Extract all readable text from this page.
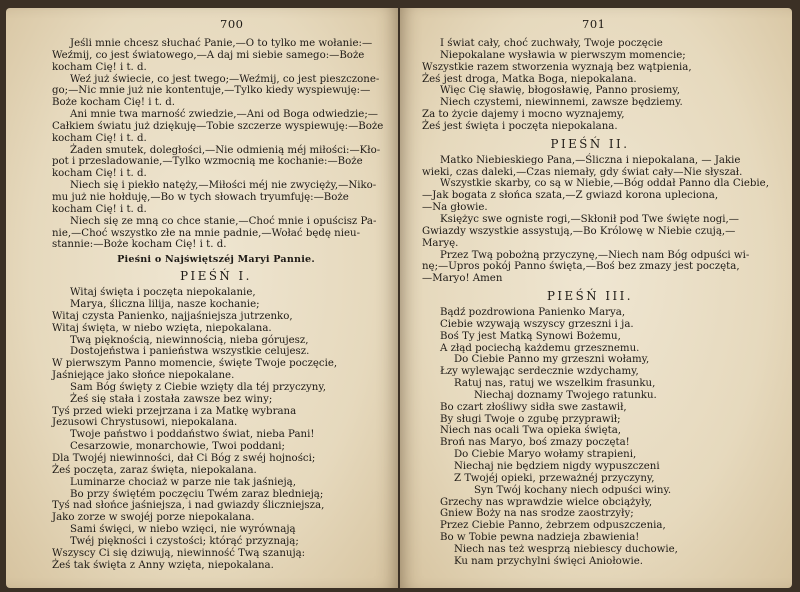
700
Jeśli mnie chcesz słuchać Panie,—O to tylko me wołanie:—
Weźmij, co jest światowego,—A daj mi siebie samego:—Boże
kocham Cię! i t. d.
Weź już świecie, co jest twego;—Weźmij, co jest pieszczone-
go;—Nic mnie już nie kontentuje,—Tylko kiedy wyspiewuję:—
Boże kocham Cię! i t. d.
Ani mnie twa marność zwiedzie,—Ani od Boga odwiedzie;—
Całkiem światu już dziękuję—Tobie szczerze wyspiewuję:—Boże
kocham Cię! i t. d.
Żaden smutek, doległości,—Nie odmienią méj miłości:—Kło-
pot i przesladowanie,—Tylko wzmocnią me kochanie:—Boże
kocham Cię! i t. d.
Niech się i piekło natęży,—Miłości méj nie zwycięży,—Niko-
mu już nie hołduję,—Bo w tych słowach tryumfuję:—Boże
kocham Cię! i t. d.
Niech się ze mną co chce stanie,—Choć mnie i opuścisz Pa-
nie,—Choć wszystko złe na mnie padnie,—Wołać będę nieu-
stannie:—Boże kocham Cię! i t. d.
Pieśni o Najświętszéj Maryi Pannie.
PIEŚŃ I.
Witaj święta i poczęta niepokalanie,
Marya, śliczna lilija, nasze kochanie;
Witaj czysta Panienko, najjaśniejsza jutrzenko,
Witaj święta, w niebo wzięta, niepokalana.
Twą pięknością, niewinnością, nieba górujesz,
Dostojeństwa i panieństwa wszystkie celujesz.
W pierwszym Panno momencie, święte Twoje poczęcie,
Jaśniejące jako słońce niepokalane.
Sam Bóg święty z Ciebie wzięty dla téj przyczyny,
Żeś się stała i została zawsze bez winy;
Tyś przed wieki przejrzana i za Matkę wybrana
Jezusowi Chrystusowi, niepokalana.
Twoje państwo i poddaństwo świat, nieba Pani!
Cesarzowie, monarchowie, Twoi poddani;
Dla Twojéj niewinności, dał Ci Bóg z swéj hojności;
Żeś poczęta, zaraz święta, niepokalana.
Luminarze chociaż w parze nie tak jaśnieją,
Bo przy świętém poczęciu Twém zaraz blednieją;
Tyś nad słońce jaśniejsza, i nad gwiazdy śliczniejsza,
Jako zorze w swojéj porze niepokalana.
Sami święci, w niebo wzięci, nie wyrównają
Twéj piękności i czystości; którąć przyznają;
Wszyscy Ci się dziwują, niewinność Twą szanują:
Żeś tak święta z Anny wzięta, niepokalana.
701
I świat cały, choć zuchwały, Twoje poczęcie
Niepokalane wysławia w pierwszym momencie;
Wszystkie razem stworzenia wyznają bez wątpienia,
Żeś jest droga, Matka Boga, niepokalana.
Więc Cię sławię, błogosławię, Panno prosiemy,
Niech czystemi, niewinnemi, zawsze będziemy.
Za to życie dajemy i mocno wyznajemy,
Żeś jest święta i poczęta niepokalana.
PIEŚŃ II.
Matko Niebieskiego Pana,—Śliczna i niepokalana, — Jakie
wieki, czas daleki,—Czas niemały, gdy świat cały—Nie słyszał.
Wszystkie skarby, co są w Niebie,—Bóg oddał Panno dla Ciebie,
—Jak bogata z słońca szata,—Z gwiazd korona upleciona,
—Na głowie.
Księżyc swe ogniste rogi,—Skłonił pod Twe święte nogi,—
Gwiazdy wszystkie assystują,—Bo Królowę w Niebie czują,—
Maryę.
Przez Twą pobożną przyczynę,—Niech nam Bóg odpuści wi-
nę;—Upros pokój Panno święta,—Boś bez zmazy jest poczęta,
—Maryo! Amen
PIEŚŃ III.
Bądź pozdrowiona Panienko Marya,
Ciebie wzywają wszyscy grzeszni i ja.
Boś Ty jest Matką Synowi Bożemu,
A złąd pociechą każdemu grzesznemu.
Do Ciebie Panno my grzeszni wołamy,
Łzy wylewając serdecznie wzdychamy,
Ratuj nas, ratuj we wszelkim frasunku,
Niechaj doznamy Twojego ratunku.
Bo czart złośliwy sidła swe zastawił,
By sługi Twoje o zgubę przyprawił;
Niech nas ocali Twa opieka święta,
Broń nas Maryo, boś zmazy poczęta!
Do Ciebie Maryo wołamy strapieni,
Niechaj nie będziem nigdy wypuszczeni
Z Twojéj opieki, przeważnéj przyczyny,
Syn Twój kochany niech odpuści winy.
Grzechy nas wprawdzie wielce obciążyły,
Gniew Boży na nas srodze zaostrzyły;
Przez Ciebie Panno, żebrzem odpuszczenia,
Bo w Tobie pewna nadzieja zbawienia!
Niech nas też wesprzą niebiescy duchowie,
Ku nam przychylni święci Aniołowie.
